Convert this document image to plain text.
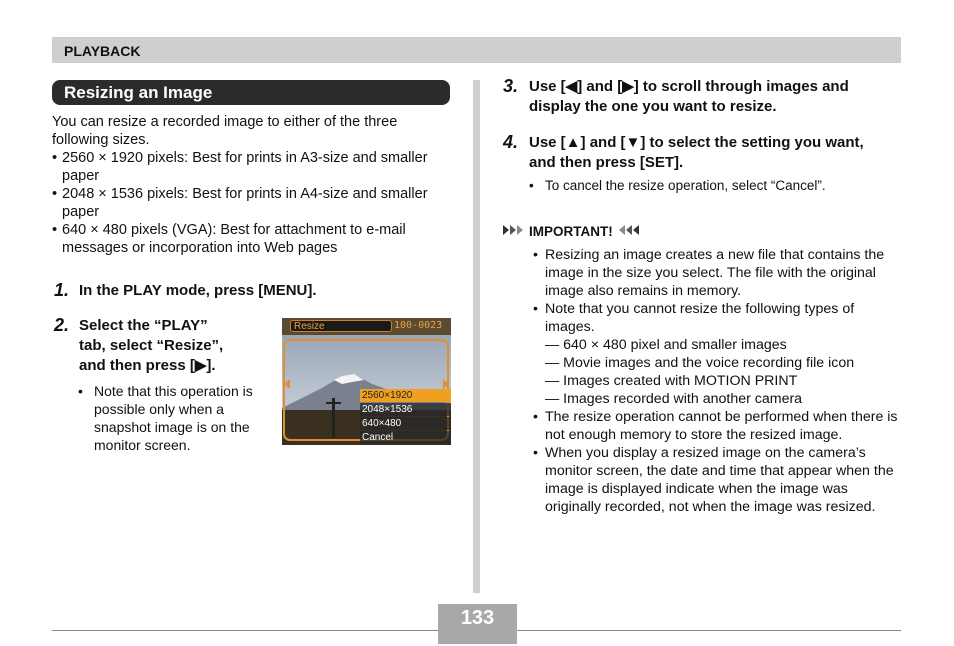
PLAYBACK
Resizing an Image
You can resize a recorded image to either of the three following sizes.

• 2560 × 1920 pixels: Best for prints in A3-size and smaller paper

• 2048 × 1536 pixels: Best for prints in A4-size and smaller paper

• 640 × 480 pixels (VGA): Best for attachment to e-mail messages or incorporation into Web pages

1. In the PLAY mode, press [MENU].
2. Select the “PLAY”
tab, select “Resize”,
and then press [▶].
• Note that this operation is possible only when a snapshot image is on the monitor screen.
Resize	100-0023
2560×1920
2048×1536
640×480
Cancel
3. Use [◀] and [▶] to scroll through images and display the one you want to resize.
4. Use [▲] and [▼] to select the setting you want, and then press [SET].
• To cancel the resize operation, select “Cancel”.
IMPORTANT!

• Resizing an image creates a new file that contains the image in the size you select. The file with the original image also remains in memory.

• Note that you cannot resize the following types of images.

— 640 × 480 pixel and smaller images
— Movie images and the voice recording file icon
— Images created with MOTION PRINT
— Images recorded with another camera

• The resize operation cannot be performed when there is not enough memory to store the resized image.

• When you display a resized image on the camera’s monitor screen, the date and time that appear when the image is displayed indicate when the image was originally recorded, not when the image was resized.

133
